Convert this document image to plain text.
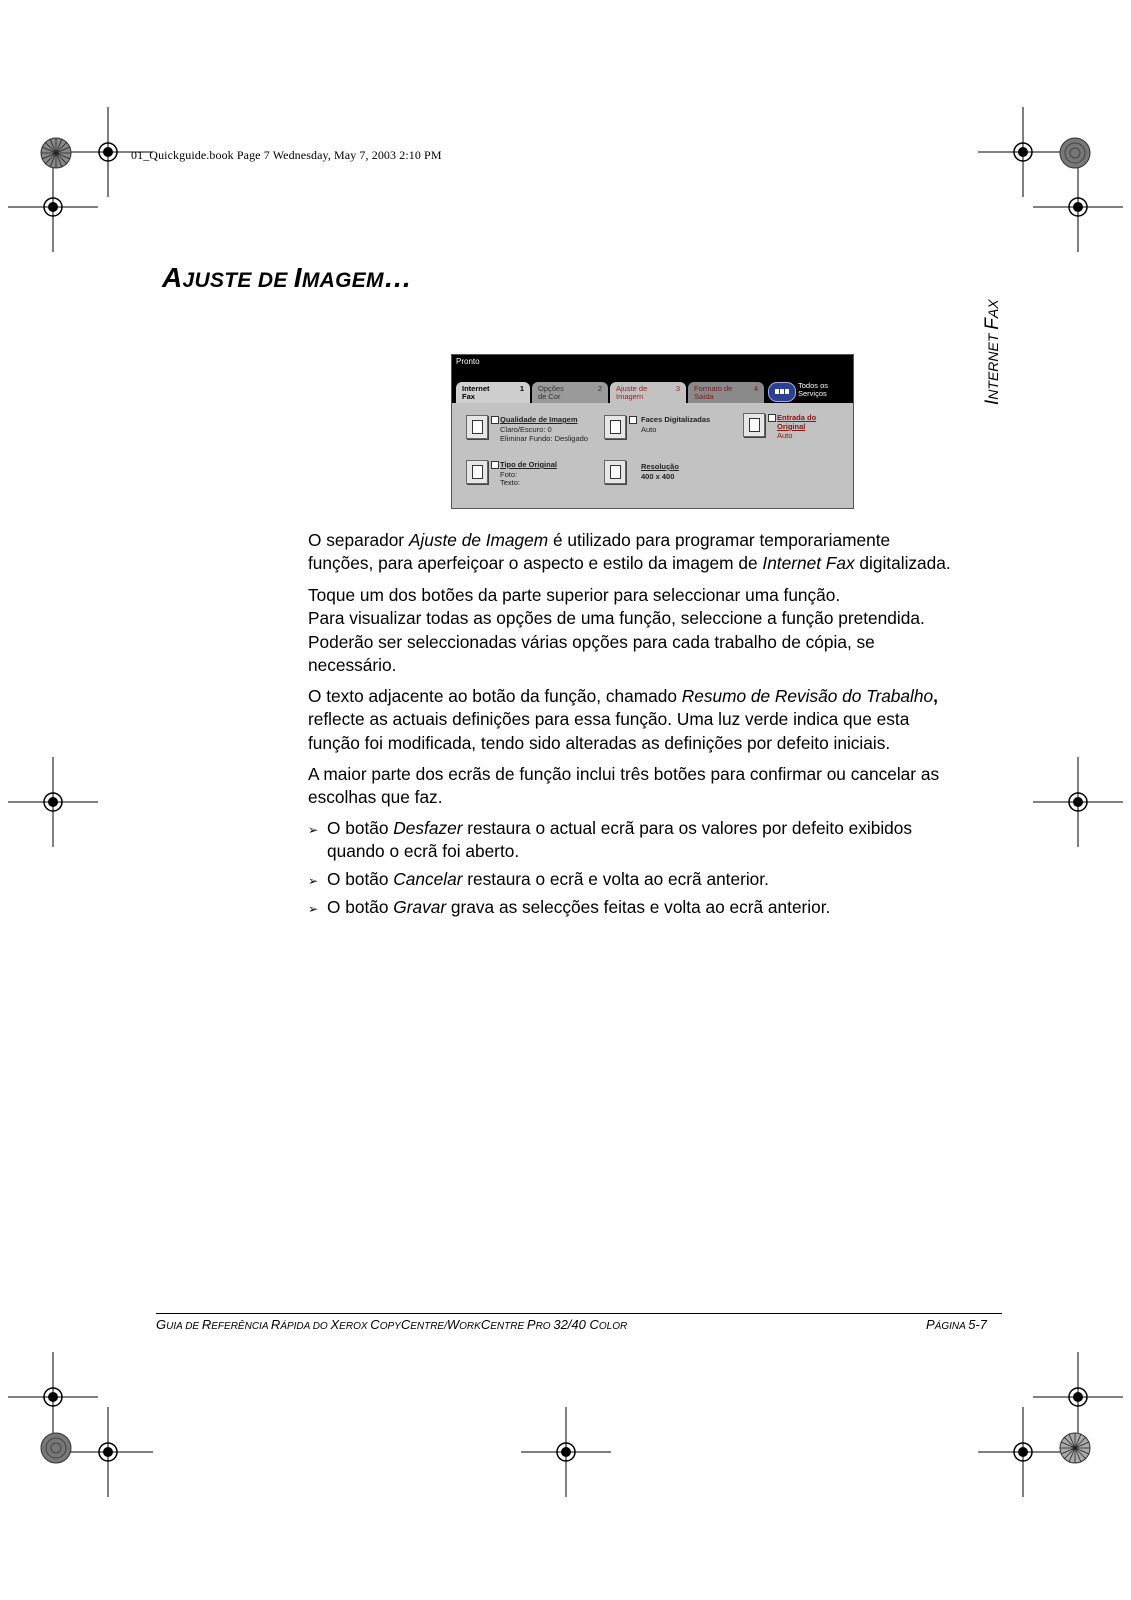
01_Quickguide.book Page 7 Wednesday, May 7, 2003 2:10 PM
AJUSTE DE IMAGEM…
INTERNET FAX
Pronto
Internet
Fax
1 Opções
de Cor
2 Ajuste de
Imagem
3 Formato de
Saída
4	Todos os
Serviços
Qualidade de Imagem
Claro/Escuro: 0
Eliminar Fundo: Desligado
Faces Digitalizadas
Auto
Entrada do
Original
Auto
Tipo de Original
Foto:
Texto:
Resolução
400 x 400
O separador Ajuste de Imagem é utilizado para programar temporariamente
funções, para aperfeiçoar o aspecto e estilo da imagem de Internet Fax digitalizada.
Toque um dos botões da parte superior para seleccionar uma função.
Para visualizar todas as opções de uma função, seleccione a função pretendida.
Poderão ser seleccionadas várias opções para cada trabalho de cópia, se
necessário.
O texto adjacente ao botão da função, chamado Resumo de Revisão do Trabalho,
reflecte as actuais definições para essa função. Uma luz verde indica que esta
função foi modificada, tendo sido alteradas as definições por defeito iniciais.
A maior parte dos ecrãs de função inclui três botões para confirmar ou cancelar as
escolhas que faz.
➢ O botão Desfazer restaura o actual ecrã para os valores por defeito exibidos
quando o ecrã foi aberto.
➢ O botão Cancelar restaura o ecrã e volta ao ecrã anterior.
➢ O botão Gravar grava as selecções feitas e volta ao ecrã anterior.
GUIA DE REFERÊNCIA RÁPIDA DO XEROX COPYCENTRE/WORKCENTRE PRO 32/40 COLOR	PÁGINA 5-7
